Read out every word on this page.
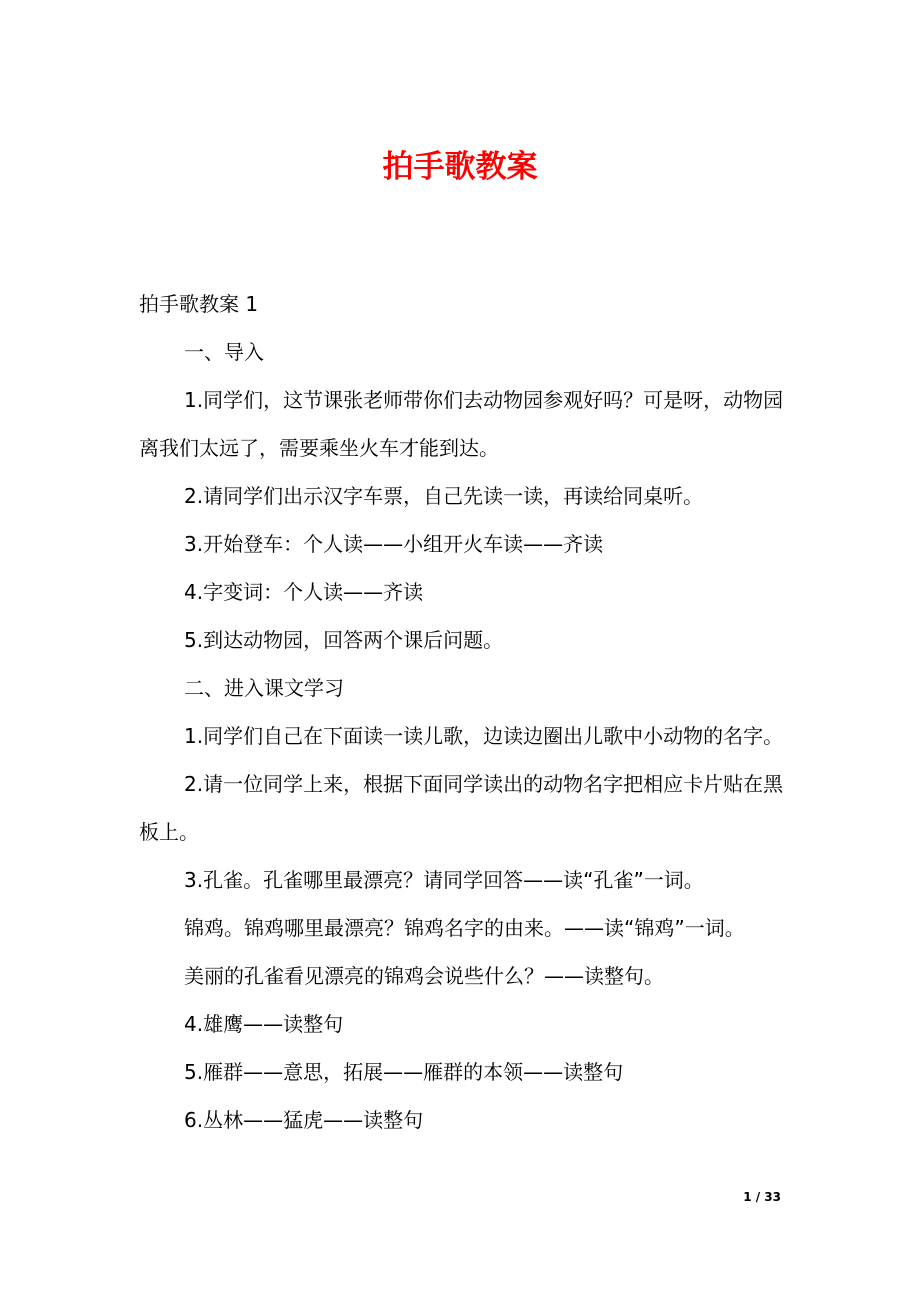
拍手歌教案

拍手歌教案 1

一、导入

1.同学们，这节课张老师带你们去动物园参观好吗？可是呀，动物园离我们太远了，需要乘坐火车才能到达。

2.请同学们出示汉字车票，自己先读一读，再读给同桌听。

3.开始登车：个人读——小组开火车读——齐读

4.字变词：个人读——齐读

5.到达动物园，回答两个课后问题。

二、进入课文学习

1.同学们自己在下面读一读儿歌，边读边圈出儿歌中小动物的名字。

2.请一位同学上来，根据下面同学读出的动物名字把相应卡片贴在黑板上。

3.孔雀。孔雀哪里最漂亮？请同学回答——读“孔雀”一词。

锦鸡。锦鸡哪里最漂亮？锦鸡名字的由来。——读“锦鸡”一词。

美丽的孔雀看见漂亮的锦鸡会说些什么？——读整句。

4.雄鹰——读整句

5.雁群——意思，拓展——雁群的本领——读整句

6.丛林——猛虎——读整句

1 / 33
